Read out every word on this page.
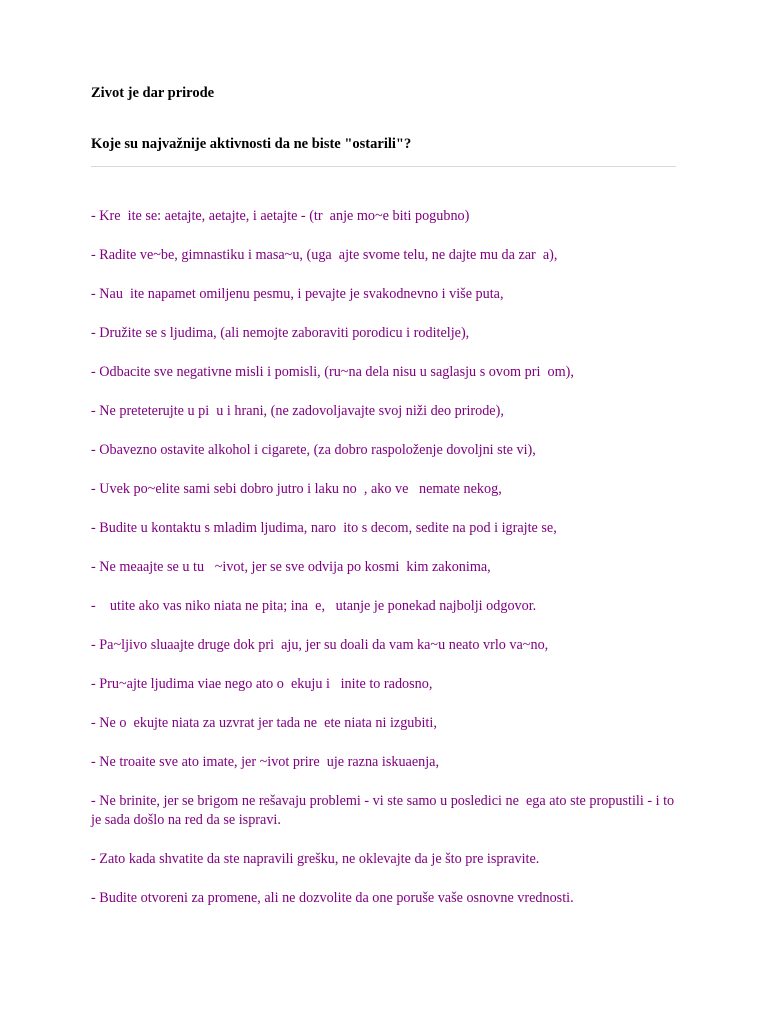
Zivot je dar prirode
Koje su najvažnije aktivnosti da ne biste "ostarili"?
- Kre  ite se: aetajte, aetajte, i aetajte - (tr  anje mo~e biti pogubno)
- Radite ve~be, gimnastiku i masa~u, (uga  ajte svome telu, ne dajte mu da zar  a),
- Nau  ite napamet omiljenu pesmu, i pevajte je svakodnevno i više puta,
- Družite se s ljudima, (ali nemojte zaboraviti porodicu i roditelje),
- Odbacite sve negativne misli i pomisli, (ru~na dela nisu u saglasju s ovom pri  om),
- Ne preteterujte u pi  u i hrani, (ne zadovoljavajte svoj niži deo prirode),
- Obavezno ostavite alkohol i cigarete, (za dobro raspoloženje dovoljni ste vi),
- Uvek po~elite sami sebi dobro jutro i laku no  , ako ve   nemate nekog,
- Budite u kontaktu s mladim ljudima, naro  ito s decom, sedite na pod i igrajte se,
- Ne meaajte se u tu   ~ivot, jer se sve odvija po kosmi  kim zakonima,
-    utite ako vas niko niata ne pita; ina  e,   utanje je ponekad najbolji odgovor.
- Pa~ljivo sluaajte druge dok pri  aju, jer su doali da vam ka~u neato vrlo va~no,
- Pru~ajte ljudima viae nego ato o  ekuju i   inite to radosno,
- Ne o  ekujte niata za uzvrat jer tada ne  ete niata ni izgubiti,
- Ne troaite sve ato imate, jer ~ivot prire  uje razna iskuaenja,
- Ne brinite, jer se brigom ne rešavaju problemi - vi ste samo u posledici ne  ega ato ste propustili - i to je sada došlo na red da se ispravi.
- Zato kada shvatite da ste napravili grešku, ne oklevajte da je što pre ispravite.
- Budite otvoreni za promene, ali ne dozvolite da one poruše vaše osnovne vrednosti.
